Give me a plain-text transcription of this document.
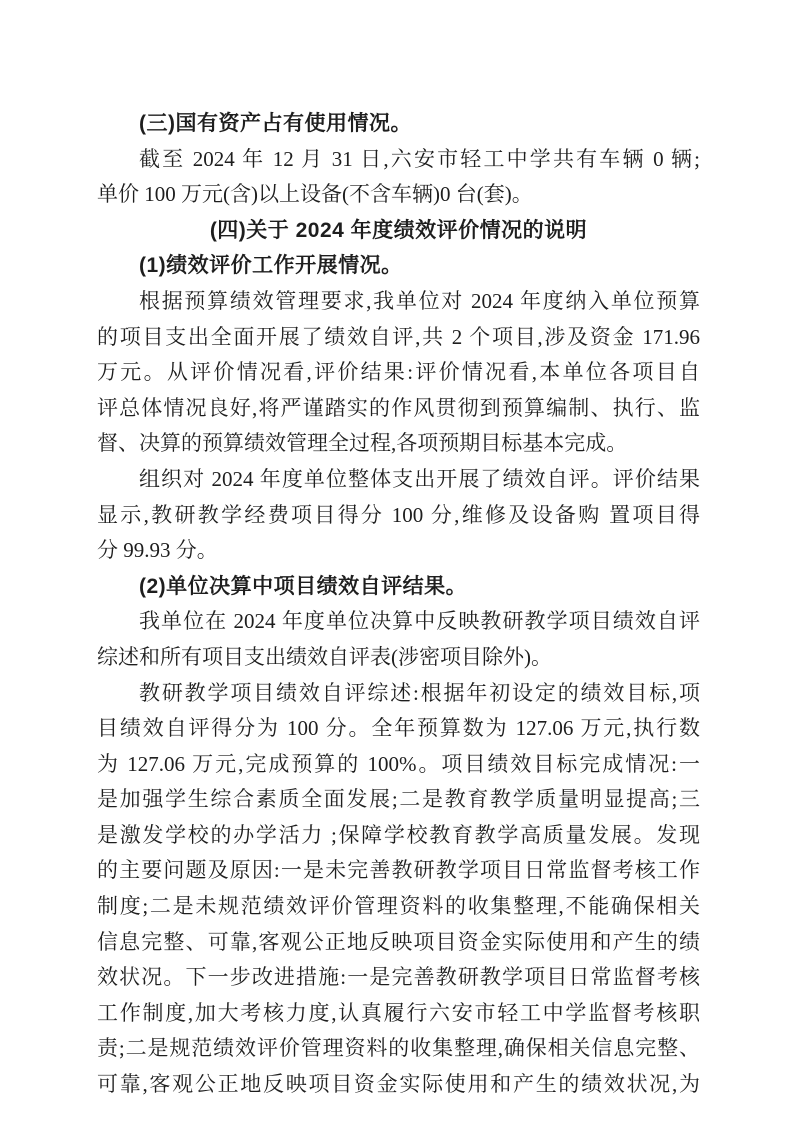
(三)国有资产占有使用情况。
截至 2024 年 12 月 31 日,六安市轻工中学共有车辆 0 辆;
单价 100 万元(含)以上设备(不含车辆)0 台(套)。
(四)关于 2024 年度绩效评价情况的说明
(1)绩效评价工作开展情况。
根据预算绩效管理要求,我单位对 2024 年度纳入单位预算
的项目支出全面开展了绩效自评,共 2 个项目,涉及资金 171.96
万元。从评价情况看,评价结果:评价情况看,本单位各项目自
评总体情况良好,将严谨踏实的作风贯彻到预算编制、执行、监
督、决算的预算绩效管理全过程,各项预期目标基本完成。
组织对 2024 年度单位整体支出开展了绩效自评。评价结果
显示,教研教学经费项目得分 100 分,维修及设备购 置项目得
分 99.93 分。
(2)单位决算中项目绩效自评结果。
我单位在 2024 年度单位决算中反映教研教学项目绩效自评
综述和所有项目支出绩效自评表(涉密项目除外)。
教研教学项目绩效自评综述:根据年初设定的绩效目标,项
目绩效自评得分为 100 分。全年预算数为 127.06 万元,执行数
为 127.06 万元,完成预算的 100%。项目绩效目标完成情况:一
是加强学生综合素质全面发展;二是教育教学质量明显提高;三
是激发学校的办学活力 ;保障学校教育教学高质量发展。发现
的主要问题及原因:一是未完善教研教学项目日常监督考核工作
制度;二是未规范绩效评价管理资料的收集整理,不能确保相关
信息完整、可靠,客观公正地反映项目资金实际使用和产生的绩
效状况。下一步改进措施:一是完善教研教学项目日常监督考核
工作制度,加大考核力度,认真履行六安市轻工中学监督考核职
责;二是规范绩效评价管理资料的收集整理,确保相关信息完整、
可靠,客观公正地反映项目资金实际使用和产生的绩效状况,为
